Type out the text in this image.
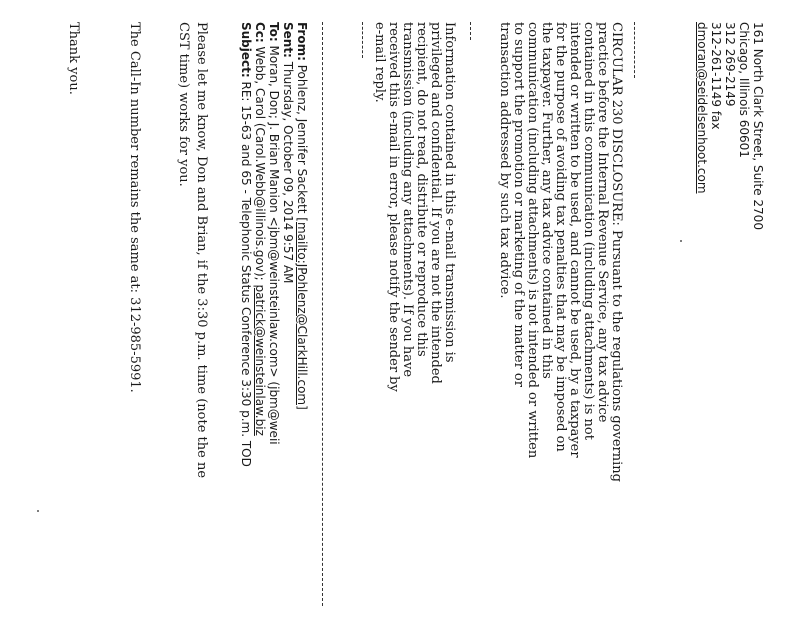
161 North Clark Street, Suite 2700
Chicago, Illinois 60601
312 269-2149
312-261-1149 fax
dmoran@seidelsenhoot.com
CIRCULAR 230 DISCLOSURE: Pursuant to the regulations governing
practice before the Internal Revenue Service, any tax advice
contained in this communication (including attachments) is not
intended or written to be used, and cannot be used, by a taxpayer
for the purpose of avoiding tax penalties that may be imposed on
the taxpayer. Further, any tax advice contained in this
communication (including attachments) is not intended or written
to support the promotion or marketing of the matter or
transaction addressed by such tax advice.
Information contained in this e-mail transmission is
privileged and confidential. If you are not the intended
recipient, do not read, distribute or reproduce this
transmission (including any attachments). If you have
received this e-mail in error, please notify the sender by
e-mail reply.
From: Pohlenz, Jennifer Sackett [mailto:JPohlenz@ClarkHill.com]
Sent: Thursday, October 09, 2014 9:57 AM
To: Moran, Don; J. Brian Manion <jbm@weinsteinlaw.com> (jbm@weii
Cc: Webb, Carol (Carol.Webb@illinois.gov); patrick@weinsteinlaw.biz
Subject: RE: 15-63 and 65 - Telephonic Status Conference 3:30 p.m. TOD
Please let me know, Don and Brian, if the 3:30 p.m. time (note the ne
CST time) works for you.
The Call-In number remains the same at: 312-985-5991.
Thank you.
